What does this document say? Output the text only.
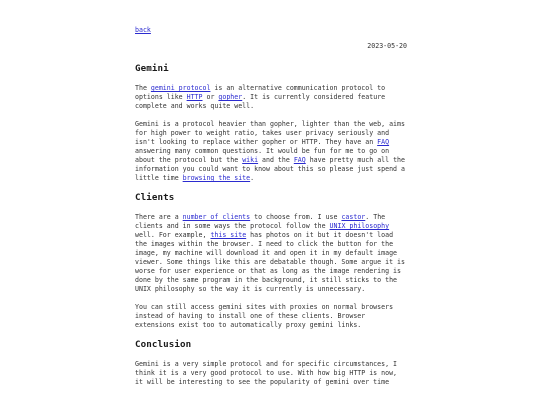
back
2023-05-20
Gemini

The gemini protocol is an alternative communication protocol to options like HTTP or gopher. It is currently considered feature complete and works quite well.

Gemini is a protocol heavier than gopher, lighter than the web, aims for high power to weight ratio, takes user privacy seriously and isn't looking to replace wither gopher or HTTP. They have an FAQ answering many common questions. It would be fun for me to go on about the protocol but the wiki and the FAQ have pretty much all the information you could want to know about this so please just spend a little time browsing the site.

Clients

There are a number of clients to choose from. I use castor. The clients and in some ways the protocol follow the UNIX philosophy well. For example, this site has photos on it but it doesn't load the images within the browser. I need to click the button for the image, my machine will download it and open it in my default image viewer. Some things like this are debatable though. Some argue it is worse for user experience or that as long as the image rendering is done by the same program in the background, it still sticks to the UNIX philosophy so the way it is currently is unnecessary.

You can still access gemini sites with proxies on normal browsers instead of having to install one of these clients. Browser extensions exist too to automatically proxy gemini links.

Conclusion

Gemini is a very simple protocol and for specific circumstances, I think it is a very good protocol to use. With how big HTTP is now, it will be interesting to see the popularity of gemini over time
